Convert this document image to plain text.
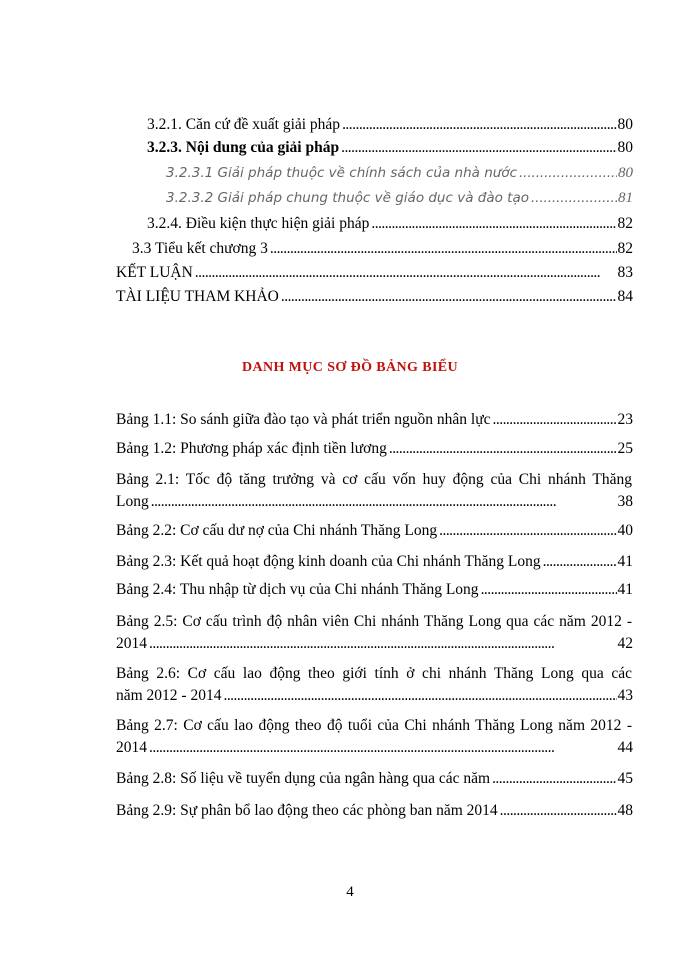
3.2.1. Căn cứ đề xuất giải pháp . . .	80
3.2.3. Nội dung của giải pháp . . .	80
3.2.3.1 Giải pháp thuộc về chính sách của nhà nước . . .	80
3.2.3.2 Giải pháp chung thuộc về giáo dục và đào tạo . . .	81
3.2.4. Điều kiện thực hiện giải pháp . . .	82
3.3 Tiểu kết chương 3 . . .	82
KẾT LUẬN . . .	83
TÀI LIỆU THAM KHẢO . . .	84
DANH MỤC SƠ ĐỒ BẢNG BIỂU
Bảng 1.1: So sánh giữa đào tạo và phát triển nguồn nhân lực . . .	23
Bảng 1.2: Phương pháp xác định tiền lương . . .	25
Bảng 2.1: Tốc độ tăng trưởng và cơ cấu vốn huy động của Chi nhánh Thăng
Long . . .	38
Bảng 2.2: Cơ cấu dư nợ của Chi nhánh Thăng Long . . .	40
Bảng 2.3: Kết quả hoạt động kinh doanh của Chi nhánh Thăng Long . . .	41
Bảng 2.4: Thu nhập từ dịch vụ của Chi nhánh Thăng Long . . .	41
Bảng 2.5: Cơ cấu trình độ nhân viên Chi nhánh Thăng Long qua các năm 2012 -
2014 . . .	42
Bảng 2.6: Cơ cấu lao động theo giới tính ở chi nhánh Thăng Long qua các
năm 2012 - 2014 . . .	43
Bảng 2.7: Cơ cấu lao động theo độ tuổi của Chi nhánh Thăng Long năm 2012 -
2014 . . .	44
Bảng 2.8: Số liệu về tuyển dụng của ngân hàng qua các năm . . .	45
Bảng 2.9: Sự phân bổ lao động theo các phòng ban năm 2014 . . .	48
4
